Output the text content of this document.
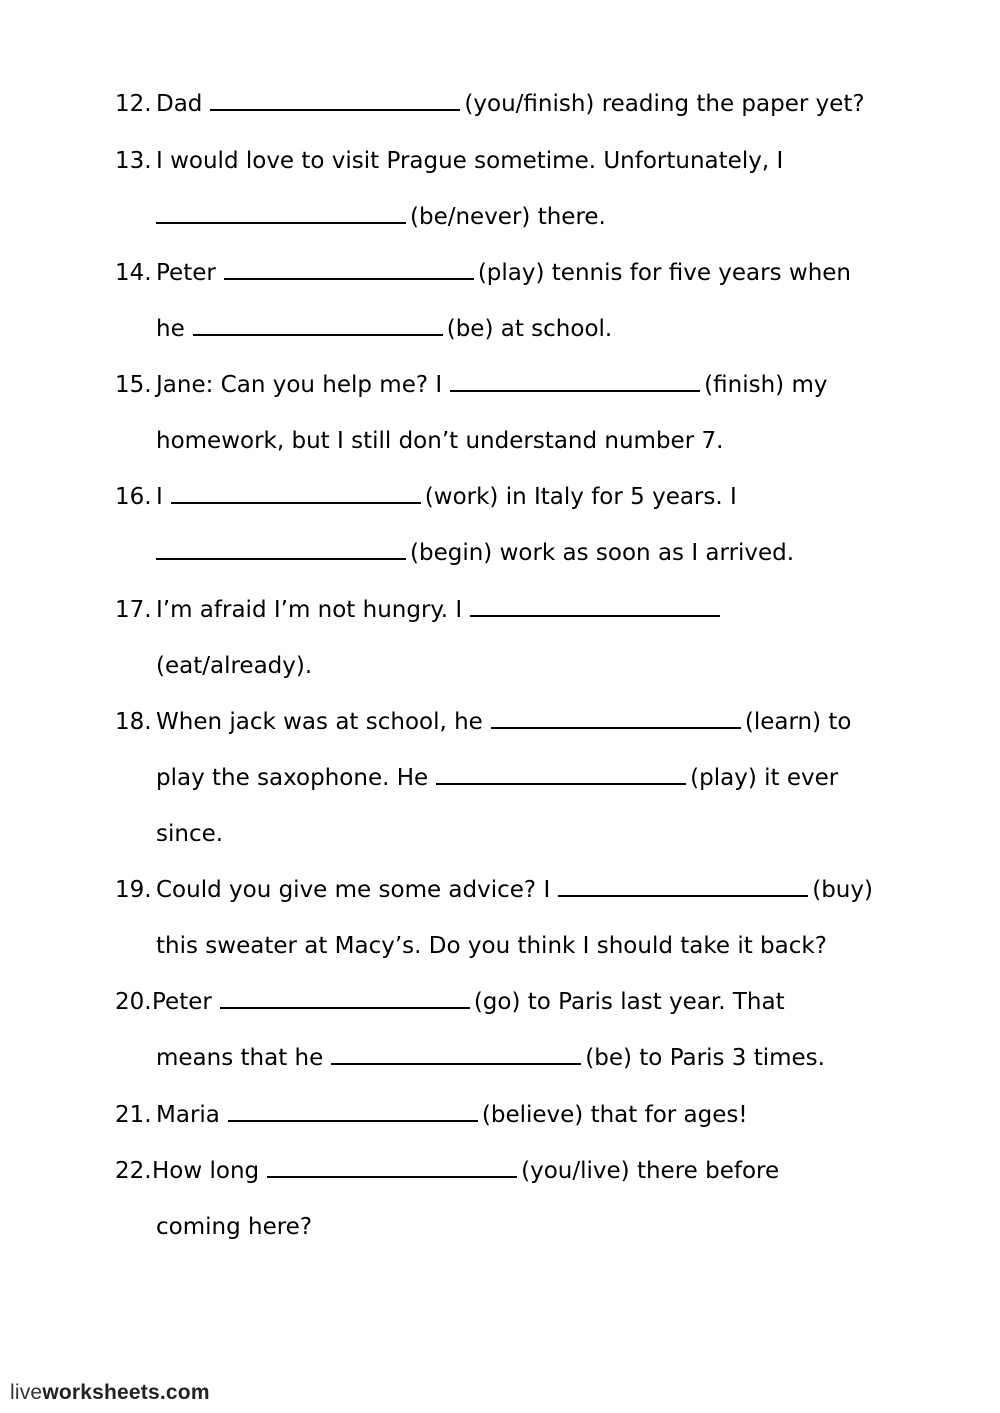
12. Dad	(you/finish) reading the paper yet?
13. I would love to visit Prague sometime. Unfortunately, I
(be/never) there.
14. Peter	(play) tennis for five years when
he	(be) at school.
15. Jane: Can you help me? I	(finish) my
homework, but I still don’t understand number 7.
16. I	(work) in Italy for 5 years. I
(begin) work as soon as I arrived.
17. I’m afraid I’m not hungry. I
(eat/already).
18. When jack was at school, he	(learn) to
play the saxophone. He	(play) it ever
since.
19. Could you give me some advice? I	(buy)
this sweater at Macy’s. Do you think I should take it back?
20. Peter	(go) to Paris last year. That
means that he	(be) to Paris 3 times.
21. Maria	(believe) that for ages!
22. How long	(you/live) there before
coming here?
liveworksheets.com
